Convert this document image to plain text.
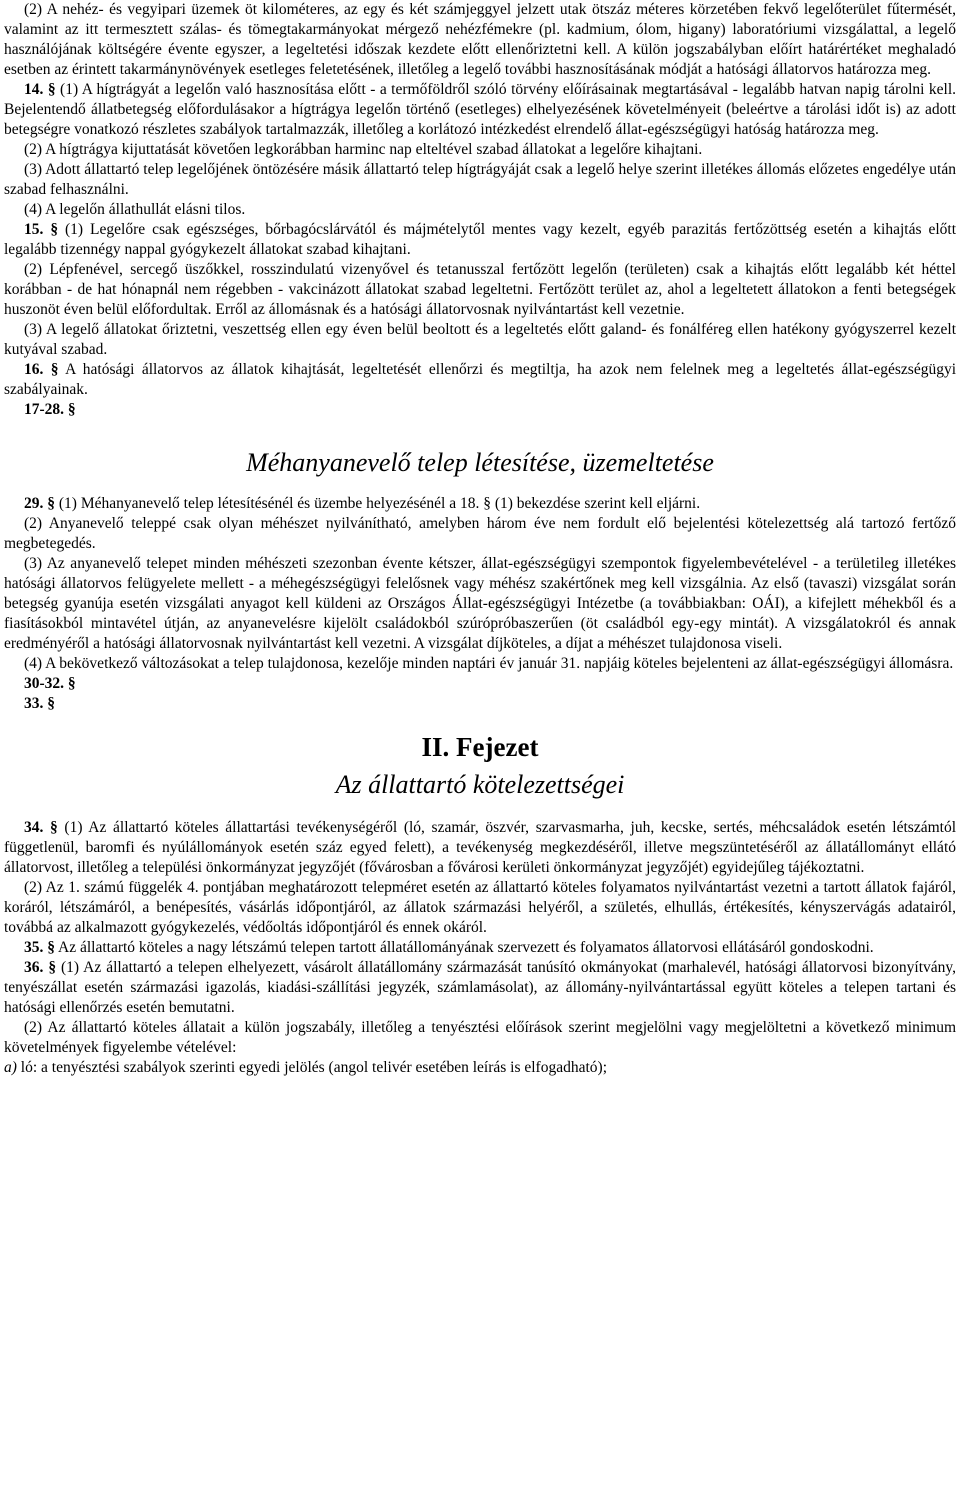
(2) A nehéz- és vegyipari üzemek öt kilométeres, az egy és két számjeggyel jelzett utak ötszáz méteres körzetében fekvő legelőterület fűtermését, valamint az itt termesztett szálas- és tömegtakarmányokat mérgező nehézfémekre (pl. kadmium, ólom, higany) laboratóriumi vizsgálattal, a legelő használójának költségére évente egyszer, a legeltetési időszak kezdete előtt ellenőriztetni kell. A külön jogszabályban előírt határértéket meghaladó esetben az érintett takarmánynövények esetleges feletetésének, illetőleg a legelő további hasznosításának módját a hatósági állatorvos határozza meg.

14. § (1) A hígtrágyát a legelőn való hasznosítása előtt - a termőföldről szóló törvény előírásainak megtartásával - legalább hatvan napig tárolni kell. Bejelentendő állatbetegség előfordulásakor a hígtrágya legelőn történő (esetleges) elhelyezésének követelményeit (beleértve a tárolási időt is) az adott betegségre vonatkozó részletes szabályok tartalmazzák, illetőleg a korlátozó intézkedést elrendelő állat-egészségügyi hatóság határozza meg.

(2) A hígtrágya kijuttatását követően legkorábban harminc nap elteltével szabad állatokat a legelőre kihajtani.

(3) Adott állattartó telep legelőjének öntözésére másik állattartó telep hígtrágyáját csak a legelő helye szerint illetékes állomás előzetes engedélye után szabad felhasználni.

(4) A legelőn állathullát elásni tilos.

15. § (1) Legelőre csak egészséges, bőrbagócslárvától és májmételytől mentes vagy kezelt, egyéb parazitás fertőzöttség esetén a kihajtás előtt legalább tizennégy nappal gyógykezelt állatokat szabad kihajtani.

(2) Lépfenével, sercegő üszőkkel, rosszindulatú vizenyővel és tetanusszal fertőzött legelőn (területen) csak a kihajtás előtt legalább két héttel korábban - de hat hónapnál nem régebben - vakcinázott állatokat szabad legeltetni. Fertőzött terület az, ahol a legeltetett állatokon a fenti betegségek huszonöt éven belül előfordultak. Erről az állomásnak és a hatósági állatorvosnak nyilvántartást kell vezetnie.

(3) A legelő állatokat őriztetni, veszettség ellen egy éven belül beoltott és a legeltetés előtt galand- és fonálféreg ellen hatékony gyógyszerrel kezelt kutyával szabad.

16. § A hatósági állatorvos az állatok kihajtását, legeltetését ellenőrzi és megtiltja, ha azok nem felelnek meg a legeltetés állat-egészségügyi szabályainak.

17-28. §

Méhanyanevelő telep létesítése, üzemeltetése

29. § (1) Méhanyanevelő telep létesítésénél és üzembe helyezésénél a 18. § (1) bekezdése szerint kell eljárni.

(2) Anyanevelő teleppé csak olyan méhészet nyilvánítható, amelyben három éve nem fordult elő bejelentési kötelezettség alá tartozó fertőző megbetegedés.

(3) Az anyanevelő telepet minden méhészeti szezonban évente kétszer, állat-egészségügyi szempontok figyelembevételével - a területileg illetékes hatósági állatorvos felügyelete mellett - a méhegészségügyi felelősnek vagy méhész szakértőnek meg kell vizsgálnia. Az első (tavaszi) vizsgálat során betegség gyanúja esetén vizsgálati anyagot kell küldeni az Országos Állat-egészségügyi Intézetbe (a továbbiakban: OÁI), a kifejlett méhekből és a fiasításokból mintavétel útján, az anyanevelésre kijelölt családokból szúrópróbaszerűen (öt családból egy-egy mintát). A vizsgálatokról és annak eredményéről a hatósági állatorvosnak nyilvántartást kell vezetni. A vizsgálat díjköteles, a díjat a méhészet tulajdonosa viseli.

(4) A bekövetkező változásokat a telep tulajdonosa, kezelője minden naptári év január 31. napjáig köteles bejelenteni az állat-egészségügyi állomásra.

30-32. §

33. §

II. Fejezet
Az állattartó kötelezettségei

34. § (1) Az állattartó köteles állattartási tevékenységéről (ló, szamár, öszvér, szarvasmarha, juh, kecske, sertés, méhcsaládok esetén létszámtól függetlenül, baromfi és nyúlállományok esetén száz egyed felett), a tevékenység megkezdéséről, illetve megszüntetéséről az állatállományt ellátó állatorvost, illetőleg a települési önkormányzat jegyzőjét (fővárosban a fővárosi kerületi önkormányzat jegyzőjét) egyidejűleg tájékoztatni.

(2) Az 1. számú függelék 4. pontjában meghatározott telepméret esetén az állattartó köteles folyamatos nyilvántartást vezetni a tartott állatok fajáról, koráról, létszámáról, a benépesítés, vásárlás időpontjáról, az állatok származási helyéről, a születés, elhullás, értékesítés, kényszervágás adatairól, továbbá az alkalmazott gyógykezelés, védőoltás időpontjáról és ennek okáról.

35. § Az állattartó köteles a nagy létszámú telepen tartott állatállományának szervezett és folyamatos állatorvosi ellátásáról gondoskodni.

36. § (1) Az állattartó a telepen elhelyezett, vásárolt állatállomány származását tanúsító okmányokat (marhalevél, hatósági állatorvosi bizonyítvány, tenyészállat esetén származási igazolás, kiadási-szállítási jegyzék, számlamásolat), az állomány-nyilvántartással együtt köteles a telepen tartani és hatósági ellenőrzés esetén bemutatni.

(2) Az állattartó köteles állatait a külön jogszabály, illetőleg a tenyésztési előírások szerint megjelölni vagy megjelöltetni a következő minimum követelmények figyelembe vételével:

a) ló: a tenyésztési szabályok szerinti egyedi jelölés (angol telivér esetében leírás is elfogadható);
